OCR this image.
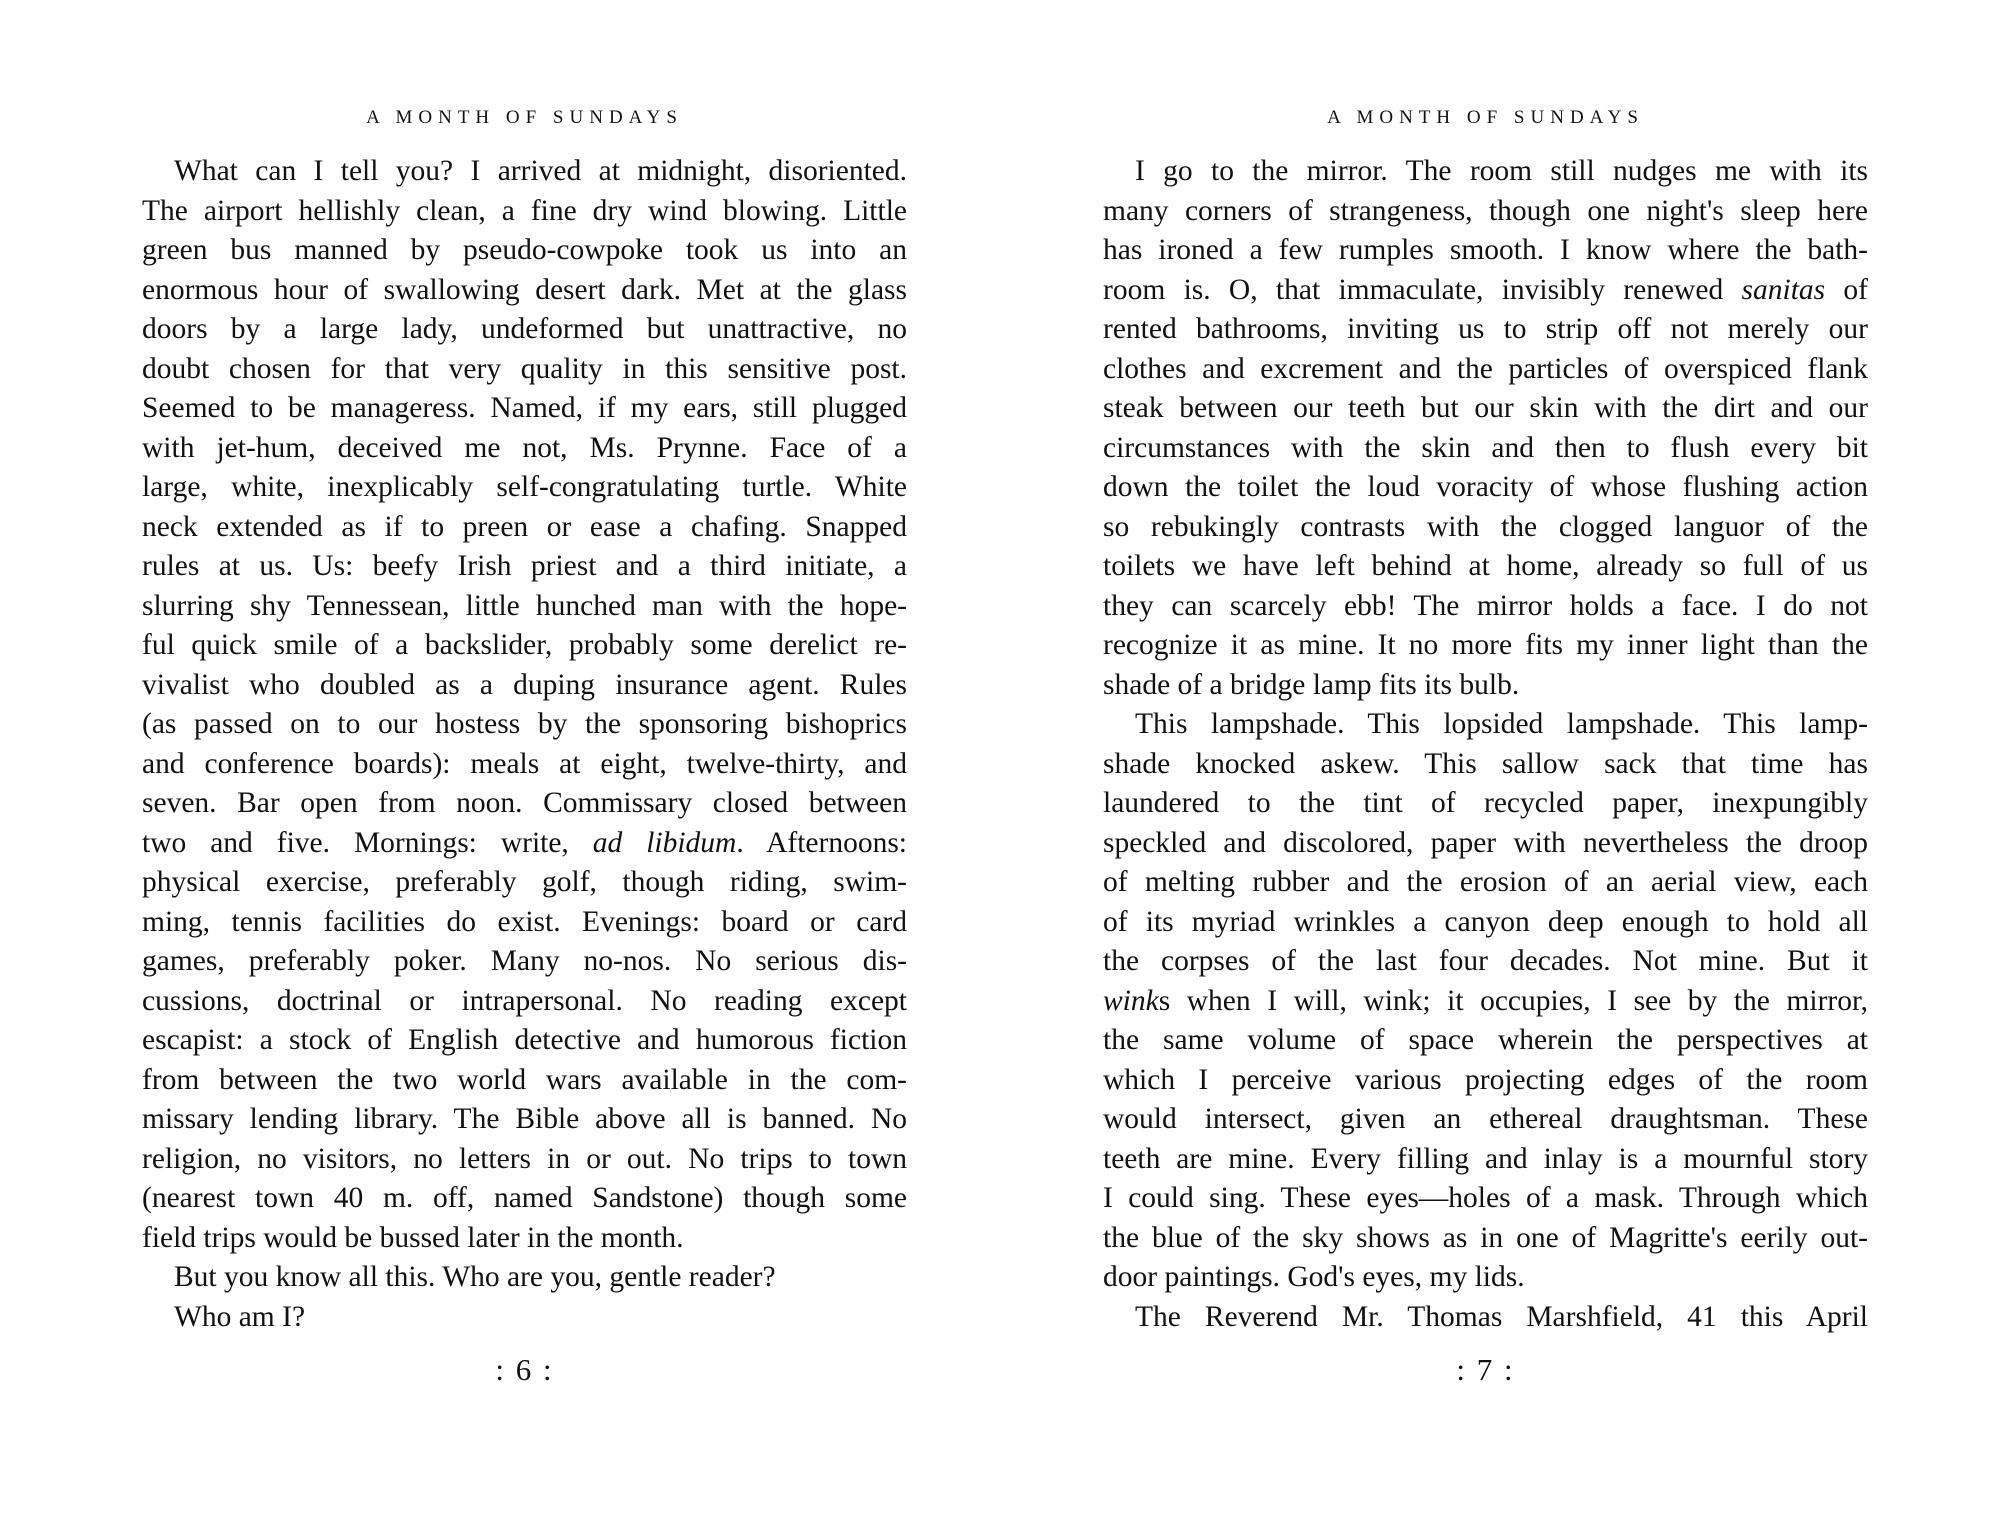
A MONTH OF SUNDAYS
What can I tell you? I arrived at midnight, disoriented.
The airport hellishly clean, a fine dry wind blowing. Little
green bus manned by pseudo-cowpoke took us into an
enormous hour of swallowing desert dark. Met at the glass
doors by a large lady, undeformed but unattractive, no
doubt chosen for that very quality in this sensitive post.
Seemed to be manageress. Named, if my ears, still plugged
with jet-hum, deceived me not, Ms. Prynne. Face of a
large, white, inexplicably self-congratulating turtle. White
neck extended as if to preen or ease a chafing. Snapped
rules at us. Us: beefy Irish priest and a third initiate, a
slurring shy Tennessean, little hunched man with the hope-
ful quick smile of a backslider, probably some derelict re-
vivalist who doubled as a duping insurance agent. Rules
(as passed on to our hostess by the sponsoring bishoprics
and conference boards): meals at eight, twelve-thirty, and
seven. Bar open from noon. Commissary closed between
two and five. Mornings: write, ad libidum. Afternoons:
physical exercise, preferably golf, though riding, swim-
ming, tennis facilities do exist. Evenings: board or card
games, preferably poker. Many no-nos. No serious dis-
cussions, doctrinal or intrapersonal. No reading except
escapist: a stock of English detective and humorous fiction
from between the two world wars available in the com-
missary lending library. The Bible above all is banned. No
religion, no visitors, no letters in or out. No trips to town
(nearest town 40 m. off, named Sandstone) though some
field trips would be bussed later in the month.
But you know all this. Who are you, gentle reader?
Who am I?
: 6 :
A MONTH OF SUNDAYS
I go to the mirror. The room still nudges me with its
many corners of strangeness, though one night's sleep here
has ironed a few rumples smooth. I know where the bath-
room is. O, that immaculate, invisibly renewed sanitas of
rented bathrooms, inviting us to strip off not merely our
clothes and excrement and the particles of overspiced flank
steak between our teeth but our skin with the dirt and our
circumstances with the skin and then to flush every bit
down the toilet the loud voracity of whose flushing action
so rebukingly contrasts with the clogged languor of the
toilets we have left behind at home, already so full of us
they can scarcely ebb! The mirror holds a face. I do not
recognize it as mine. It no more fits my inner light than the
shade of a bridge lamp fits its bulb.
This lampshade. This lopsided lampshade. This lamp-
shade knocked askew. This sallow sack that time has
laundered to the tint of recycled paper, inexpungibly
speckled and discolored, paper with nevertheless the droop
of melting rubber and the erosion of an aerial view, each
of its myriad wrinkles a canyon deep enough to hold all
the corpses of the last four decades. Not mine. But it
winks when I will, wink; it occupies, I see by the mirror,
the same volume of space wherein the perspectives at
which I perceive various projecting edges of the room
would intersect, given an ethereal draughtsman. These
teeth are mine. Every filling and inlay is a mournful story
I could sing. These eyes—holes of a mask. Through which
the blue of the sky shows as in one of Magritte's eerily out-
door paintings. God's eyes, my lids.
The Reverend Mr. Thomas Marshfield, 41 this April
: 7 :
